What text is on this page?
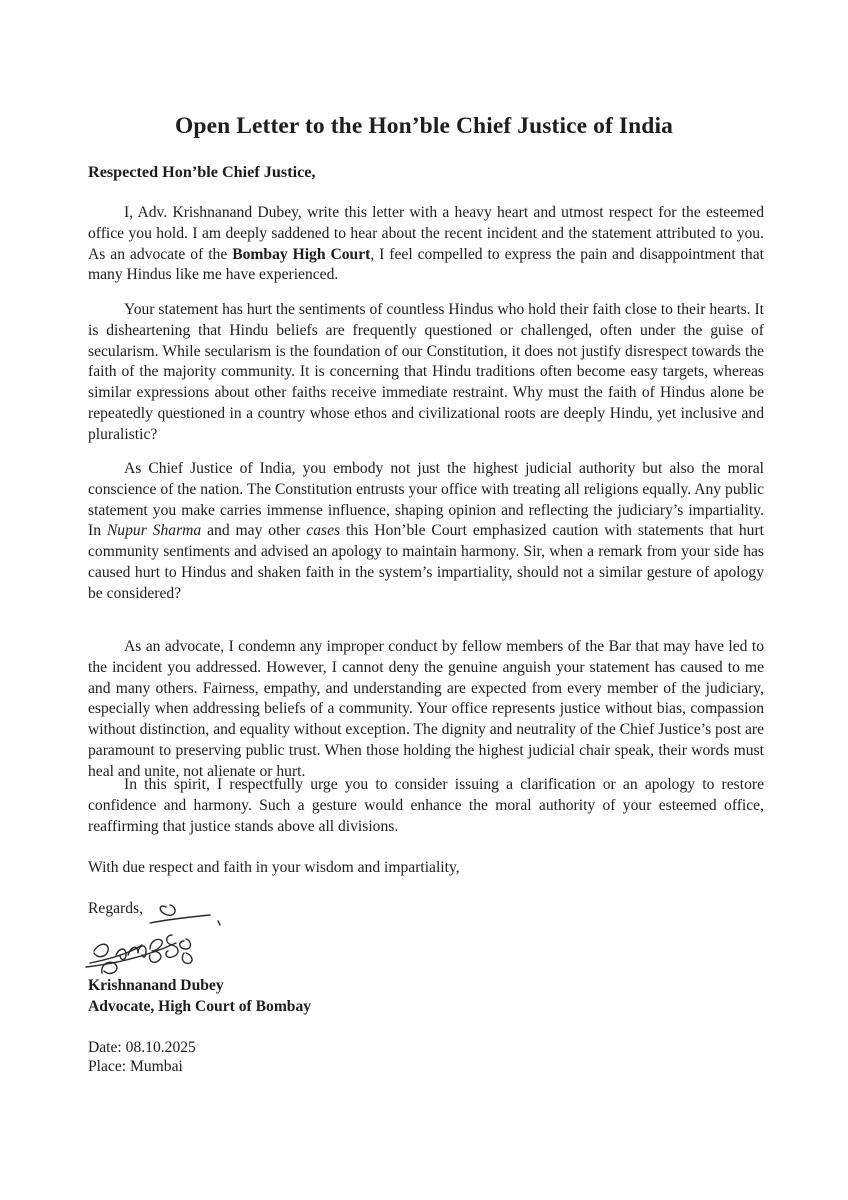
Open Letter to the Hon’ble Chief Justice of India

Respected Hon’ble Chief Justice,

I, Adv. Krishnanand Dubey, write this letter with a heavy heart and utmost respect for the esteemed office you hold. I am deeply saddened to hear about the recent incident and the statement attributed to you. As an advocate of the Bombay High Court, I feel compelled to express the pain and disappointment that many Hindus like me have experienced.

Your statement has hurt the sentiments of countless Hindus who hold their faith close to their hearts. It is disheartening that Hindu beliefs are frequently questioned or challenged, often under the guise of secularism. While secularism is the foundation of our Constitution, it does not justify disrespect towards the faith of the majority community. It is concerning that Hindu traditions often become easy targets, whereas similar expressions about other faiths receive immediate restraint. Why must the faith of Hindus alone be repeatedly questioned in a country whose ethos and civilizational roots are deeply Hindu, yet inclusive and pluralistic?

As Chief Justice of India, you embody not just the highest judicial authority but also the moral conscience of the nation. The Constitution entrusts your office with treating all religions equally. Any public statement you make carries immense influence, shaping opinion and reflecting the judiciary’s impartiality. In Nupur Sharma and may other cases this Hon’ble Court emphasized caution with statements that hurt community sentiments and advised an apology to maintain harmony. Sir, when a remark from your side has caused hurt to Hindus and shaken faith in the system’s impartiality, should not a similar gesture of apology be considered?

As an advocate, I condemn any improper conduct by fellow members of the Bar that may have led to the incident you addressed. However, I cannot deny the genuine anguish your statement has caused to me and many others. Fairness, empathy, and understanding are expected from every member of the judiciary, especially when addressing beliefs of a community. Your office represents justice without bias, compassion without distinction, and equality without exception. The dignity and neutrality of the Chief Justice’s post are paramount to preserving public trust. When those holding the highest judicial chair speak, their words must heal and unite, not alienate or hurt.

In this spirit, I respectfully urge you to consider issuing a clarification or an apology to restore confidence and harmony. Such a gesture would enhance the moral authority of your esteemed office, reaffirming that justice stands above all divisions.

With due respect and faith in your wisdom and impartiality,

Regards,

Krishnanand Dubey

Advocate, High Court of Bombay

Date: 08.10.2025

Place: Mumbai
